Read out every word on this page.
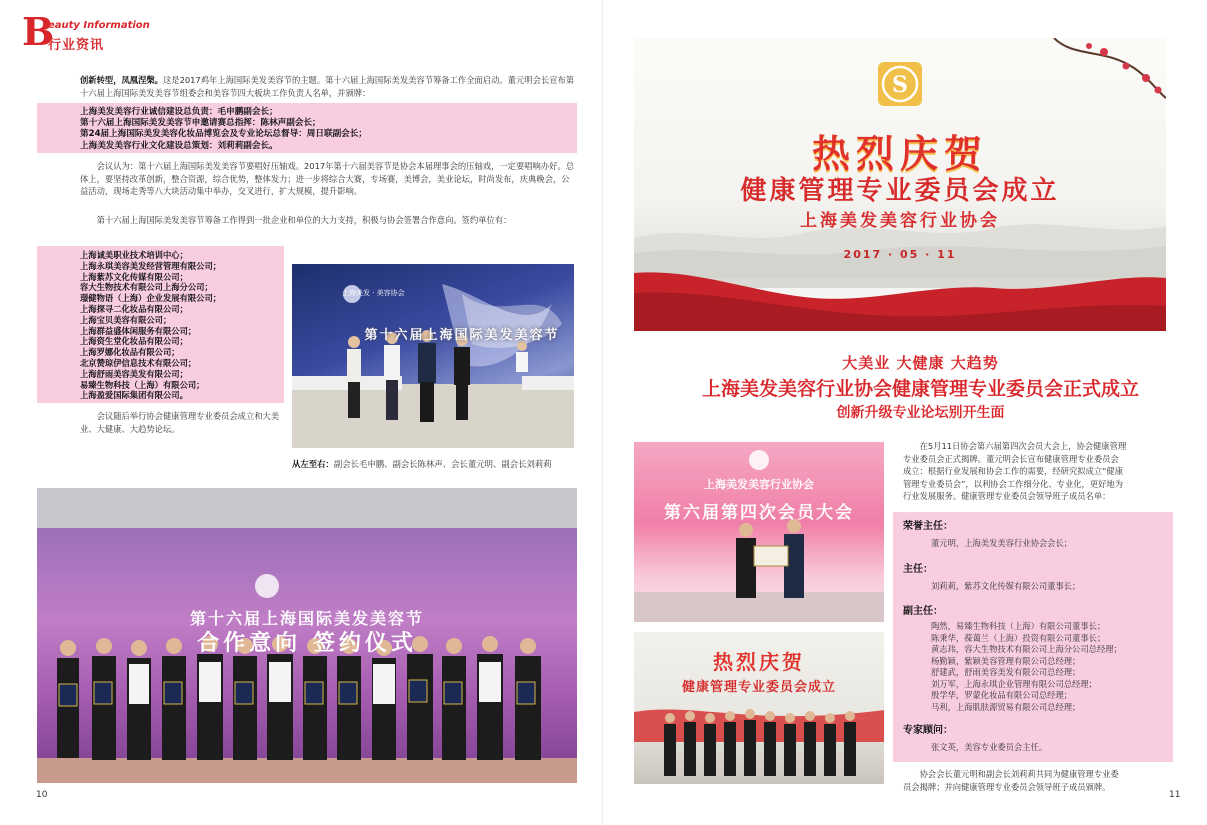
B
eauty Information
行业资讯
创新转型，凤凰涅槃。这是2017鸡年上海国际美发美容节的主题。第十六届上海国际美发美容节筹备工作全面启动。董元明会长宣布第十六届上海国际美发美容节组委会和美容节四大板块工作负责人名单，并颁牌：
上海美发美容行业诚信建设总负责：毛申鹏副会长；
第十六届上海国际美发美容节申邀请赛总指挥：陈林声副会长；
第24届上海国际美发美容化妆品博览会及专业论坛总督导：周日联副会长；
上海美发美容行业文化建设总策划：刘莉莉副会长。
会议认为：第十六届上海国际美发美容节要唱好压轴戏。2017年第十六届美容节是协会本届理事会的压轴戏，一定要唱响办好。总体上，要坚持改革创新，整合资源，综合优势，整体发力；进一步将综合大赛，专场赛，美博会，美业论坛，时尚发布，庆典晚会，公益活动，现场走秀等八大块活动集中举办，交叉进行，扩大规模，提升影响。
第十六届上海国际美发美容节筹备工作得到一批企业和单位的大力支持，积极与协会签署合作意向。签约单位有：
上海诚美职业技术培训中心；
上海永琪美容美发经营管理有限公司；
上海紫苏文化传媒有限公司；
容大生物技术有限公司上海分公司；
璟健物语（上海）企业发展有限公司；
上海探寻二化妆品有限公司；
上海宝贝美容有限公司；
上海群益盛体闲服务有限公司；
上海资生堂化妆品有限公司；
上海罗娜化妆品有限公司；
北京赞琼伊信息技术有限公司；
上海舒雨美容美发有限公司；
易臻生物科技（上海）有限公司；
上海盈爱国际集团有限公司。
会议随后举行协会健康管理专业委员会成立和大美业、大健康、大趋势论坛。
第十六届上海国际美发美容节
上海美发 · 美容协会
从左至右：副会长毛申鹏、副会长陈林声、会长董元明、副会长刘莉莉
第十六届上海国际美发美容节
合作意向 签约仪式
10
S
热烈庆贺
健康管理专业委员会成立
上海美发美容行业协会
2017 · 05 · 11
大美业 大健康 大趋势
上海美发美容行业协会健康管理专业委员会正式成立
创新升级专业论坛别开生面
上海美发美容行业协会
第六届第四次会员大会
热烈庆贺
健康管理专业委员会成立
在5月11日协会第六届第四次会员大会上，协会健康管理专业委员会正式揭牌。董元明会长宣布健康管理专业委员会成立：根据行业发展和协会工作的需要，经研究拟成立“健康管理专业委员会”，以利协会工作细分化、专业化，更好地为行业发展服务。健康管理专业委员会领导班子成员名单：
荣誉主任：
董元明，上海美发美容行业协会会长；
主任：
刘莉莉，紫苏文化传媒有限公司董事长；
副主任：
陶然，易臻生物科技（上海）有限公司董事长；
陈秉华，葆蔼兰（上海）投资有限公司董事长；
黄志玮，容大生物技术有限公司上海分公司总经理；
杨勤颖，紫颖美容管理有限公司总经理；
舒建武，舒雨美容美发有限公司总经理；
刘万军，上海永琪企业管理有限公司总经理；
殷学华，罗蒙化妆品有限公司总经理；
马利，上海肌肤源贸易有限公司总经理；
专家顾问：
张文英，美容专业委员会主任。
协会会长董元明和副会长刘莉莉共同为健康管理专业委员会揭牌；并向健康管理专业委员会领导班子成员颁牌。
11
